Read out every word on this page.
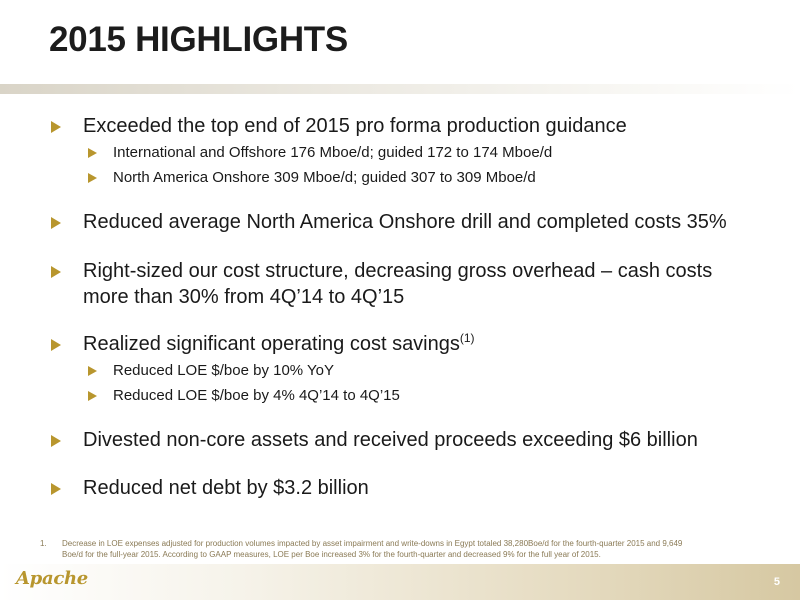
2015 HIGHLIGHTS
Exceeded the top end of 2015 pro forma production guidance
International and Offshore 176 Mboe/d; guided 172 to 174 Mboe/d
North America Onshore 309 Mboe/d; guided 307 to 309 Mboe/d
Reduced average North America Onshore drill and completed costs 35%
Right-sized our cost structure, decreasing gross overhead – cash costs
more than 30% from 4Q’14 to 4Q’15
Realized significant operating cost savings$^{(1)}$
Reduced LOE $/boe by 10% YoY
Reduced LOE $/boe by 4% 4Q’14 to 4Q’15
Divested non-core assets and received proceeds exceeding $6 billion
Reduced net debt by $3.2 billion
1. Decrease in LOE expenses adjusted for production volumes impacted by asset impairment and write-downs in Egypt totaled 38,280Boe/d for the fourth-quarter 2015 and 9,649
Boe/d for the full-year 2015. According to GAAP measures, LOE per Boe increased 3% for the fourth-quarter and decreased 9% for the full year of 2015.
Apache	5
